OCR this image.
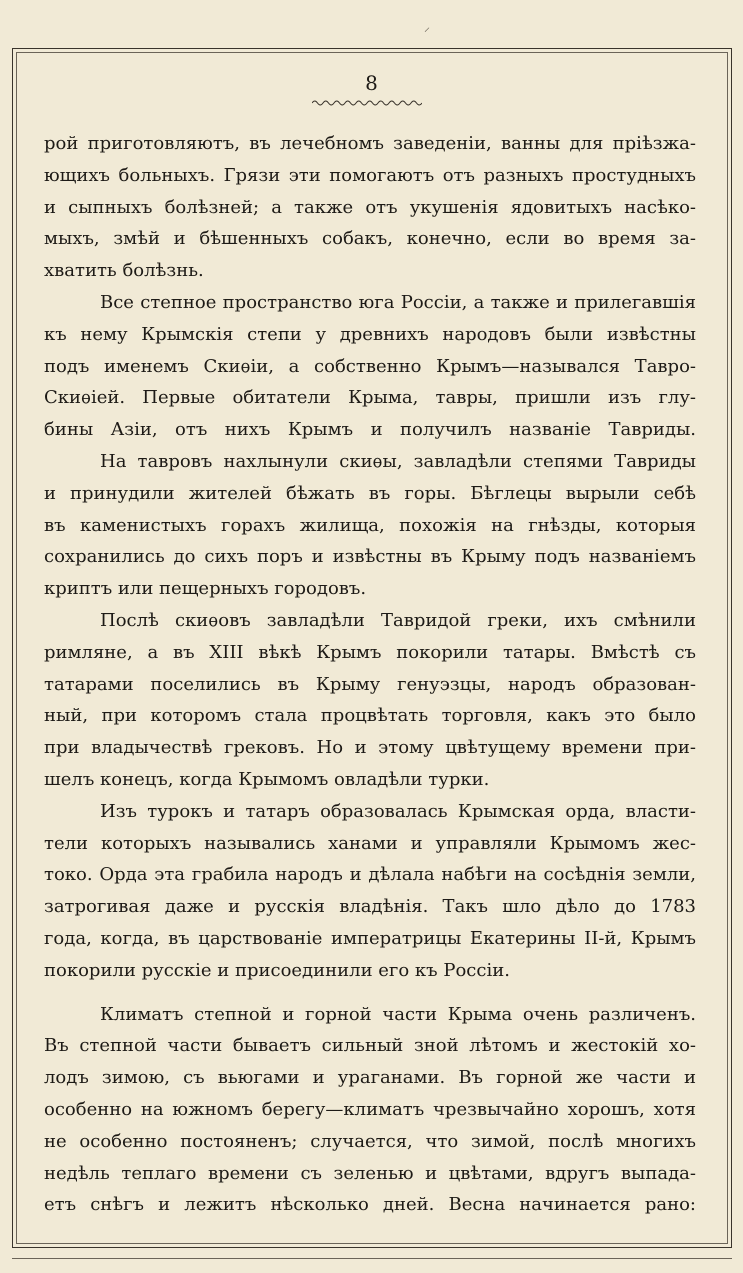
⸝
8
рой приготовляютъ, въ лечебномъ заведенiи, ванны для прiѣзжа-
ющихъ больныхъ. Грязи эти помогаютъ отъ разныхъ простудныхъ
и сыпныхъ болѣзней; а также отъ укушенiя ядовитыхъ насѣко-
мыхъ, змѣй и бѣшенныхъ собакъ, конечно, если во время за-
хватить болѣзнь.
Все степное пространство юга Россiи, а также и прилегавшiя
къ нему Крымскiя степи у древнихъ народовъ были извѣстны
подъ именемъ Скиѳiи, а собственно Крымъ—назывался Тавро-
Скиѳiей. Первые обитатели Крыма, тавры, пришли изъ глу-
бины Азiи, отъ нихъ Крымъ и получилъ названiе Тавриды.
На тавровъ нахлынули скиѳы, завладѣли степями Тавриды
и принудили жителей бѣжать въ горы. Бѣглецы вырыли себѣ
въ каменистыхъ горахъ жилища, похожiя на гнѣзды, которыя
сохранились до сихъ поръ и извѣстны въ Крыму подъ названiемъ
криптъ или пещерныхъ городовъ.
Послѣ скиѳовъ завладѣли Тавридой греки, ихъ смѣнили
римляне, а въ XIII вѣкѣ Крымъ покорили татары. Вмѣстѣ съ
татарами поселились въ Крыму генуэзцы, народъ образован-
ный, при которомъ стала процвѣтать торговля, какъ это было
при владычествѣ грековъ. Но и этому цвѣтущему времени при-
шелъ конецъ, когда Крымомъ овладѣли турки.
Изъ турокъ и татаръ образовалась Крымская орда, власти-
тели которыхъ назывались ханами и управляли Крымомъ жес-
токо. Орда эта грабила народъ и дѣлала набѣги на сосѣднiя земли,
затрогивая даже и русскiя владѣнiя. Такъ шло дѣло до 1783
года, когда, въ царствованiе императрицы Екатерины II-й, Крымъ
покорили русскiе и присоединили его къ Россiи.
Климатъ степной и горной части Крыма очень различенъ.
Въ степной части бываетъ сильный зной лѣтомъ и жестокiй хо-
лодъ зимою, съ вьюгами и ураганами. Въ горной же части и
особенно на южномъ берегу—климатъ чрезвычайно хорошъ, хотя
не особенно постояненъ; случается, что зимой, послѣ многихъ
недѣль теплаго времени съ зеленью и цвѣтами, вдругъ выпада-
етъ снѣгъ и лежитъ нѣсколько дней. Весна начинается рано:
